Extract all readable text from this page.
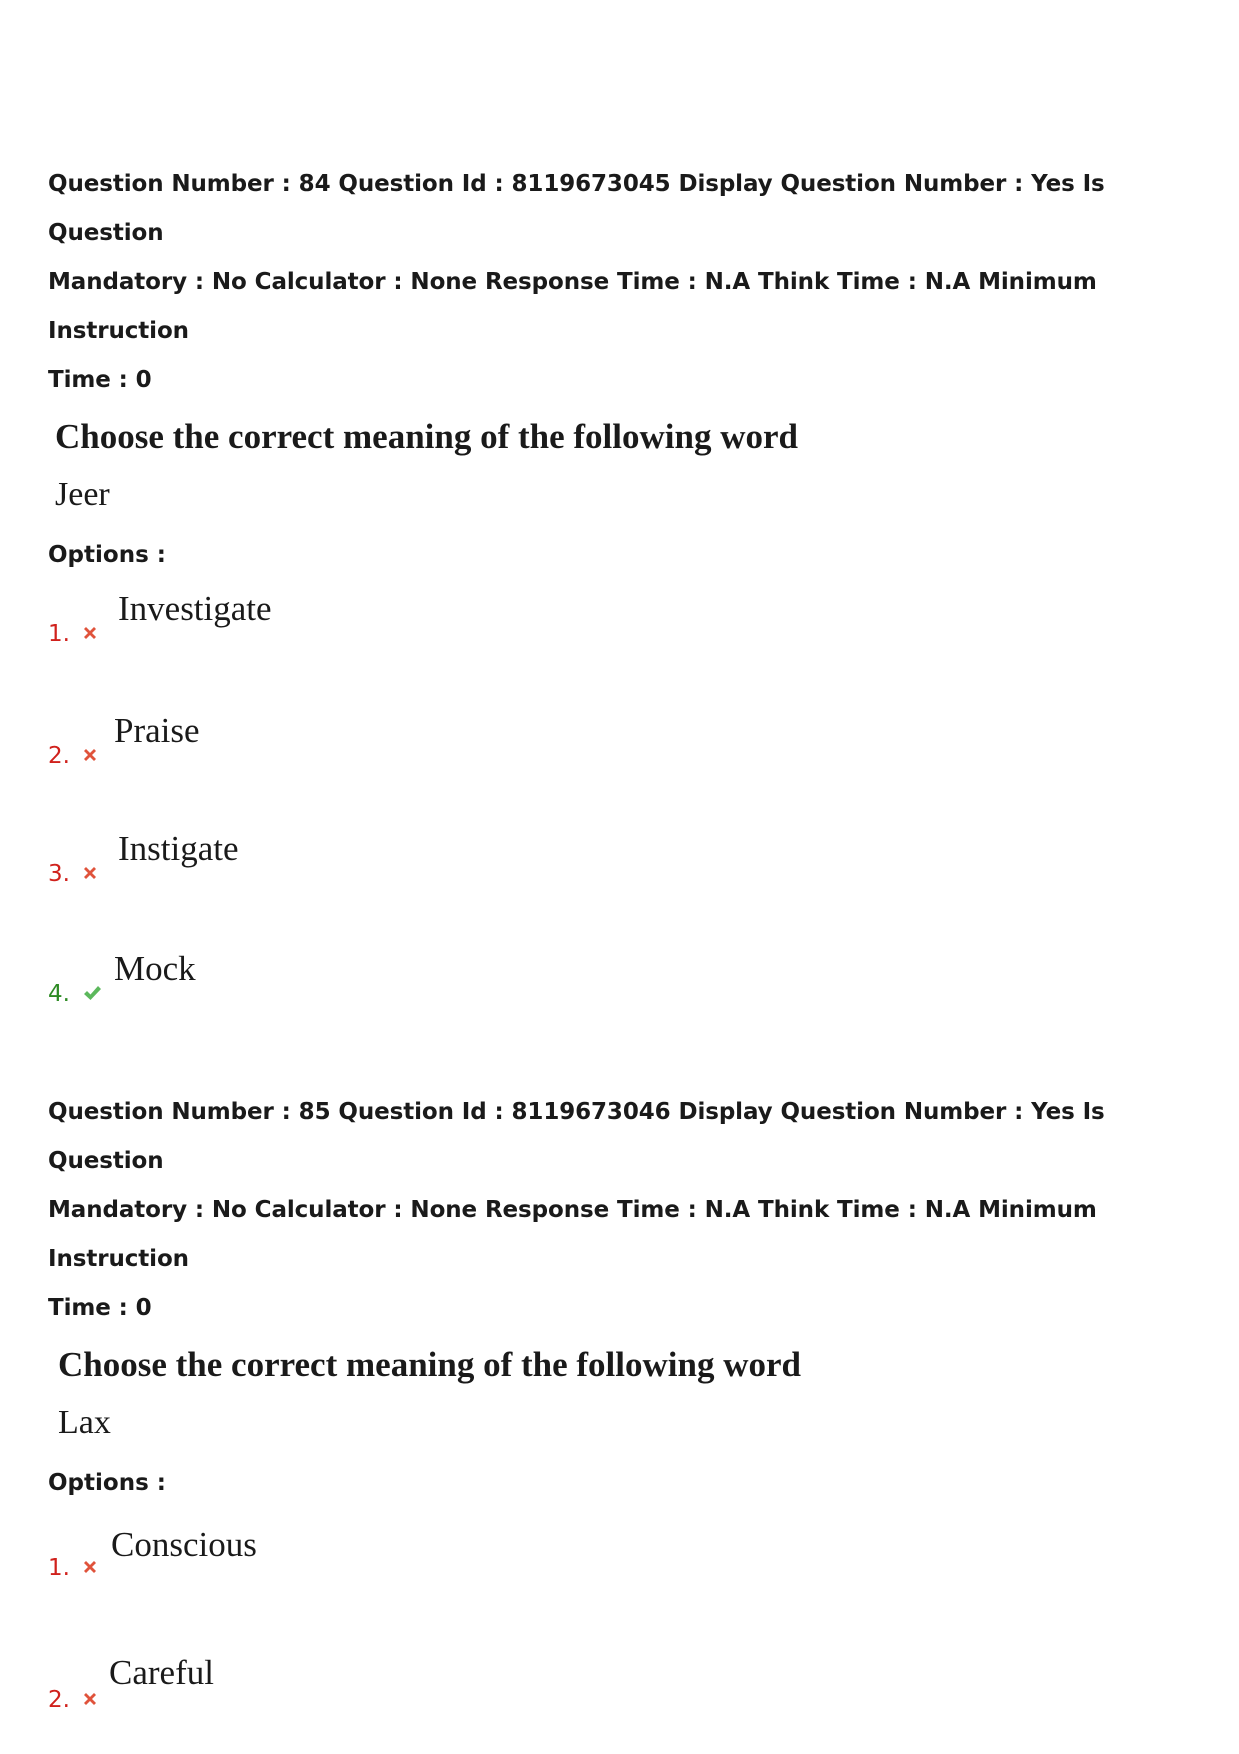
Question Number : 84 Question Id : 8119673045 Display Question Number : Yes Is Question
Mandatory : No Calculator : None Response Time : N.A Think Time : N.A Minimum Instruction
Time : 0
Choose the correct meaning of the following word
Jeer
Options :
1.
Investigate
2.
Praise
3.
Instigate
4.
Mock
Question Number : 85 Question Id : 8119673046 Display Question Number : Yes Is Question
Mandatory : No Calculator : None Response Time : N.A Think Time : N.A Minimum Instruction
Time : 0
Choose the correct meaning of the following word
Lax
Options :
1.
Conscious
2.
Careful
